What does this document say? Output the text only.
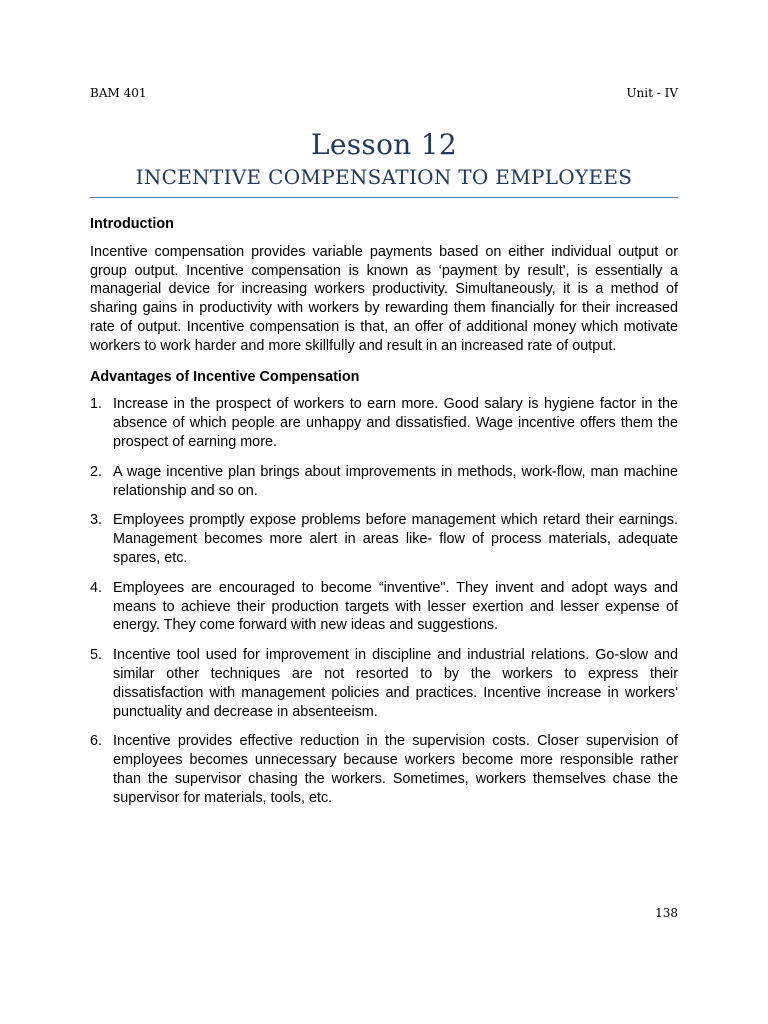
BAM 401	Unit - IV
Lesson 12
INCENTIVE COMPENSATION TO EMPLOYEES
Introduction

Incentive compensation provides variable payments based on either individual output or group output. Incentive compensation is known as ‘payment by result', is essentially a managerial device for increasing workers productivity. Simultaneously, it is a method of sharing gains in productivity with workers by rewarding them financially for their increased rate of output. Incentive compensation is that, an offer of additional money which motivate workers to work harder and more skillfully and result in an increased rate of output.

Advantages of Incentive Compensation
1. Increase in the prospect of workers to earn more. Good salary is hygiene factor in the absence of which people are unhappy and dissatisfied. Wage incentive offers them the prospect of earning more.
2. A wage incentive plan brings about improvements in methods, work-flow, man machine relationship and so on.
3. Employees promptly expose problems before management which retard their earnings. Management becomes more alert in areas like- flow of process materials, adequate spares, etc.
4. Employees are encouraged to become “inventive". They invent and adopt ways and means to achieve their production targets with lesser exertion and lesser expense of energy. They come forward with new ideas and suggestions.
5. Incentive tool used for improvement in discipline and industrial relations. Go-slow and similar other techniques are not resorted to by the workers to express their dissatisfaction with management policies and practices. Incentive increase in workers' punctuality and decrease in absenteeism.
6. Incentive provides effective reduction in the supervision costs. Closer supervision of employees becomes unnecessary because workers become more responsible rather than the supervisor chasing the workers. Sometimes, workers themselves chase the supervisor for materials, tools, etc.
138
